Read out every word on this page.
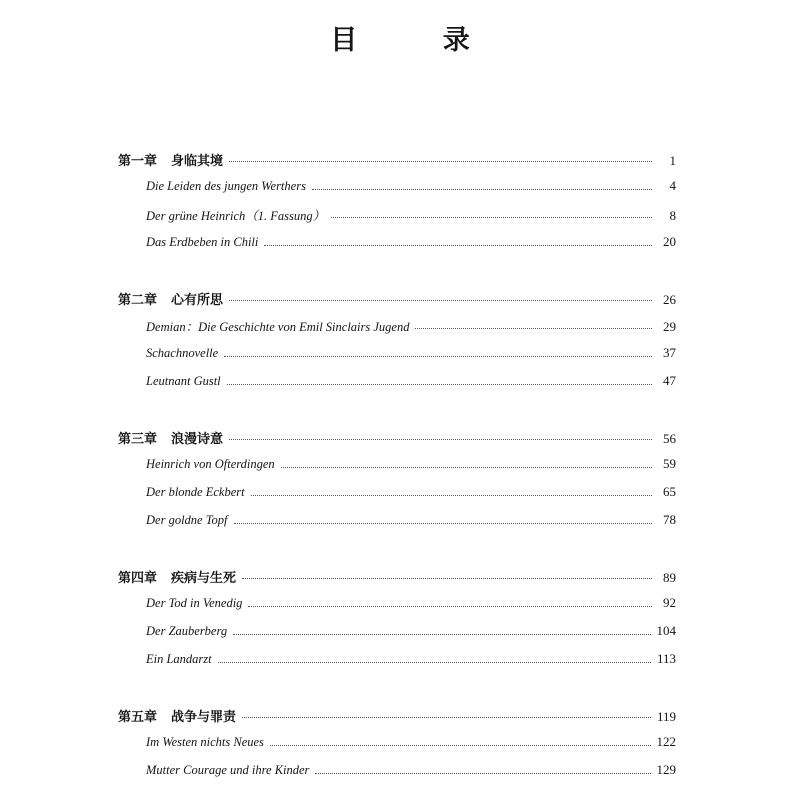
目 录
第一章 身临其境	1
Die Leiden des jungen Werthers	4
Der grüne Heinrich（1. Fassung）	8
Das Erdbeben in Chili	20
第二章 心有所思	26
Demian：Die Geschichte von Emil Sinclairs Jugend	29
Schachnovelle	37
Leutnant Gustl	47
第三章 浪漫诗意	56
Heinrich von Ofterdingen	59
Der blonde Eckbert	65
Der goldne Topf	78
第四章 疾病与生死	89
Der Tod in Venedig	92
Der Zauberberg	104
Ein Landarzt	113
第五章 战争与罪责	119
Im Westen nichts Neues	122
Mutter Courage und ihre Kinder	129
